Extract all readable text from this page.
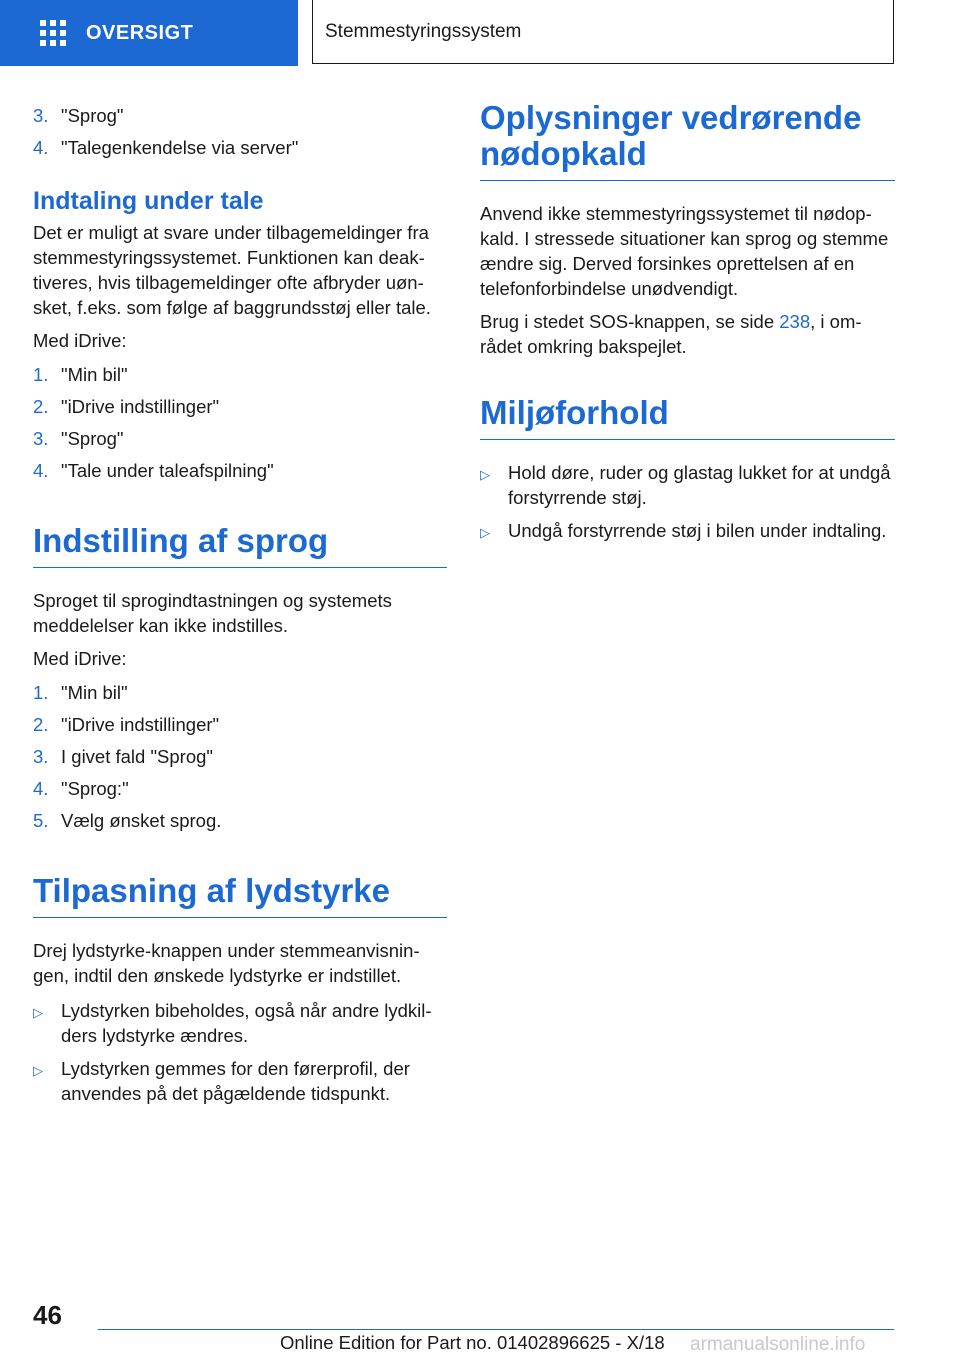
OVERSIGT	Stemmestyringssystem
3. "Sprog"
4. "Talegenkendelse via server"
Indtaling under tale

Det er muligt at svare under tilbagemeldinger fra stemmestyringssystemet. Funktionen kan deaktiveres, hvis tilbagemeldinger ofte afbryder uønsket, f.eks. som følge af baggrundsstøj eller tale.

Med iDrive:

1. "Min bil"
2. "iDrive indstillinger"
3. "Sprog"
4. "Tale under taleafspilning"
Indstilling af sprog

Sproget til sprogindtastningen og systemets meddelelser kan ikke indstilles.

Med iDrive:

1. "Min bil"
2. "iDrive indstillinger"
3. I givet fald "Sprog"
4. "Sprog:"
5. Vælg ønsket sprog.
Tilpasning af lydstyrke

Drej lydstyrke-knappen under stemmeanvisningen, indtil den ønskede lydstyrke er indstillet.

▷ Lydstyrken bibeholdes, også når andre lydkilders lydstyrke ændres.
▷ Lydstyrken gemmes for den førerprofil, der anvendes på det pågældende tidspunkt.
Oplysninger vedrørende nødopkald

Anvend ikke stemmestyringssystemet til nødopkald. I stressede situationer kan sprog og stemme ændre sig. Derved forsinkes oprettelsen af en telefonforbindelse unødvendigt.

Brug i stedet SOS-knappen, se side 238, i området omkring bakspejlet.

Miljøforhold
▷ Hold døre, ruder og glastag lukket for at undgå forstyrrende støj.
▷ Undgå forstyrrende støj i bilen under indtaling.
46
Online Edition for Part no. 01402896625 - X/18 armanualsonline.info
